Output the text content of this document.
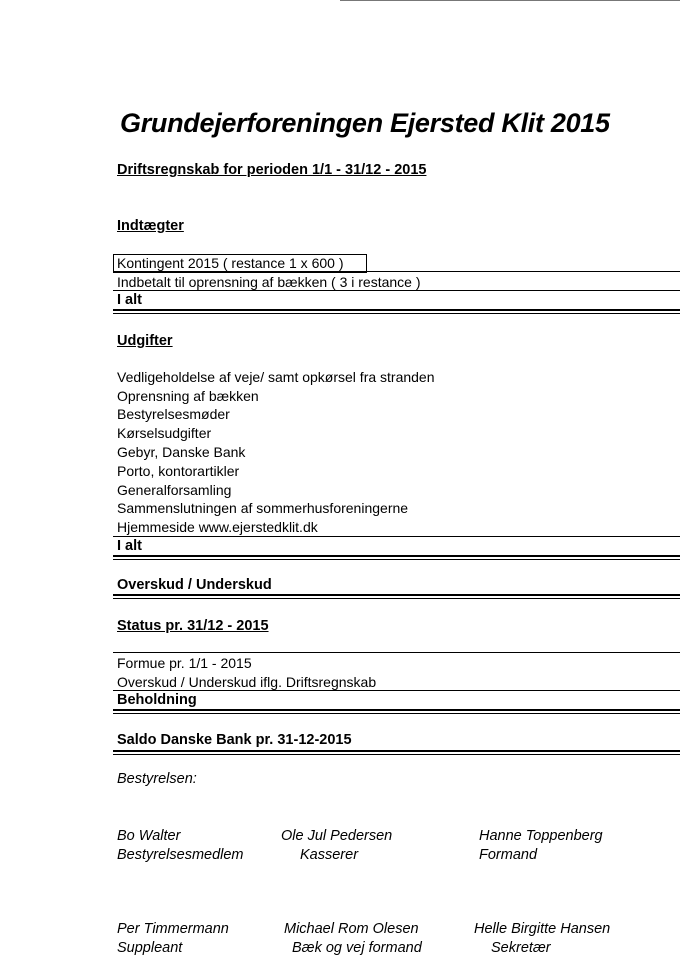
Grundejerforeningen Ejersted Klit 2015
Driftsregnskab for perioden 1/1 - 31/12 - 2015
Indtægter
Kontingent 2015 ( restance 1 x 600 )
Indbetalt til oprensning af bækken ( 3 i restance )
I alt
Udgifter
Vedligeholdelse af veje/ samt opkørsel fra stranden
Oprensning af bækken
Bestyrelsesmøder
Kørselsudgifter
Gebyr, Danske Bank
Porto, kontorartikler
Generalforsamling
Sammenslutningen af sommerhusforeningerne
Hjemmeside www.ejerstedklit.dk
I alt
Overskud / Underskud
Status pr. 31/12 - 2015
Formue pr. 1/1 - 2015
Overskud / Underskud iflg. Driftsregnskab
Beholdning
Saldo Danske Bank pr. 31-12-2015
Bestyrelsen:
Bo Walter
Bestyrelsesmedlem
Ole Jul Pedersen
Kasserer
Hanne Toppenberg
Formand
Per Timmermann
Suppleant
Michael Rom Olesen
Bæk og vej formand
Helle Birgitte Hansen
Sekretær
